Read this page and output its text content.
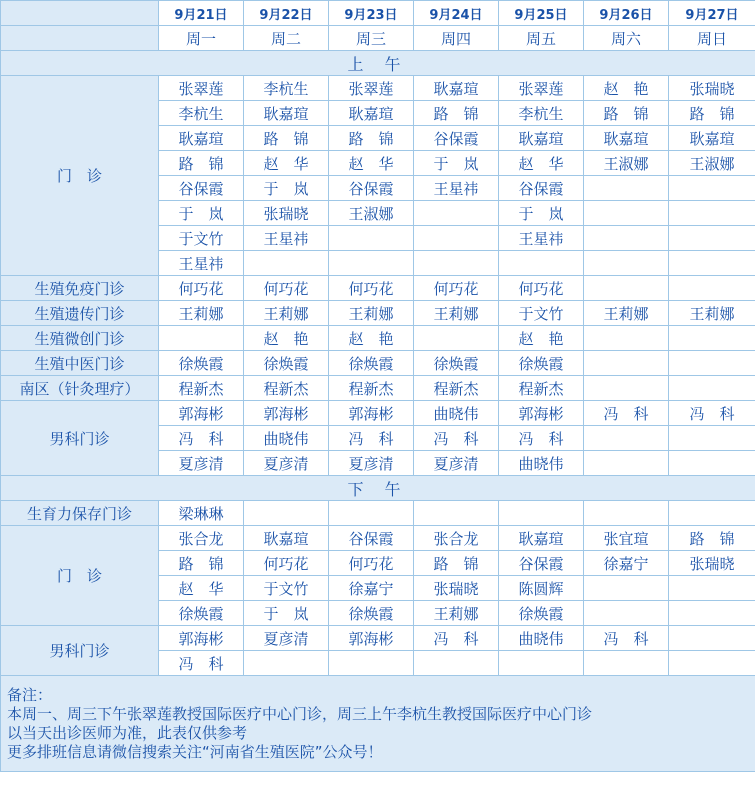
	9月21日	9月22日	9月23日	9月24日	9月25日	9月26日	9月27日
	周一	周二	周三	周四	周五	周六	周日
上 午							
门　诊	张翠莲	李杭生	张翠莲	耿嘉瑄	张翠莲	赵　艳	张瑞晓
	李杭生	耿嘉瑄	耿嘉瑄	路　锦	李杭生	路　锦	路　锦
	耿嘉瑄	路　锦	路　锦	谷保霞	耿嘉瑄	耿嘉瑄	耿嘉瑄
	路　锦	赵　华	赵　华	于　岚	赵　华	王淑娜	王淑娜
	谷保霞	于　岚	谷保霞	王星祎	谷保霞		
	于　岚	张瑞晓	王淑娜		于　岚		
	于文竹	王星祎			王星祎		
	王星祎						
生殖免疫门诊	何巧花	何巧花	何巧花	何巧花	何巧花		
生殖遗传门诊	王莉娜	王莉娜	王莉娜	王莉娜	于文竹	王莉娜	王莉娜
生殖微创门诊		赵　艳	赵　艳		赵　艳		
生殖中医门诊	徐焕霞	徐焕霞	徐焕霞	徐焕霞	徐焕霞		
南区（针灸理疗）	程新杰	程新杰	程新杰	程新杰	程新杰		
男科门诊	郭海彬	郭海彬	郭海彬	曲晓伟	郭海彬	冯　科	冯　科
	冯　科	曲晓伟	冯　科	冯　科	冯　科		
	夏彦清	夏彦清	夏彦清	夏彦清	曲晓伟		
下 午							
生育力保存门诊	梁琳琳						
门　诊	张合龙	耿嘉瑄	谷保霞	张合龙	耿嘉瑄	张宜瑄	路　锦
	路　锦	何巧花	何巧花	路　锦	谷保霞	徐嘉宁	张瑞晓
	赵　华	于文竹	徐嘉宁	张瑞晓	陈圆辉		
	徐焕霞	于　岚	徐焕霞	王莉娜	徐焕霞		
男科门诊	郭海彬	夏彦清	郭海彬	冯　科	曲晓伟	冯　科	
	冯　科						

备注：
本周一、周三下午张翠莲教授国际医疗中心门诊，周三上午李杭生教授国际医疗中心门诊
以当天出诊医师为准，此表仅供参考
更多排班信息请微信搜索关注“河南省生殖医院”公众号！							
